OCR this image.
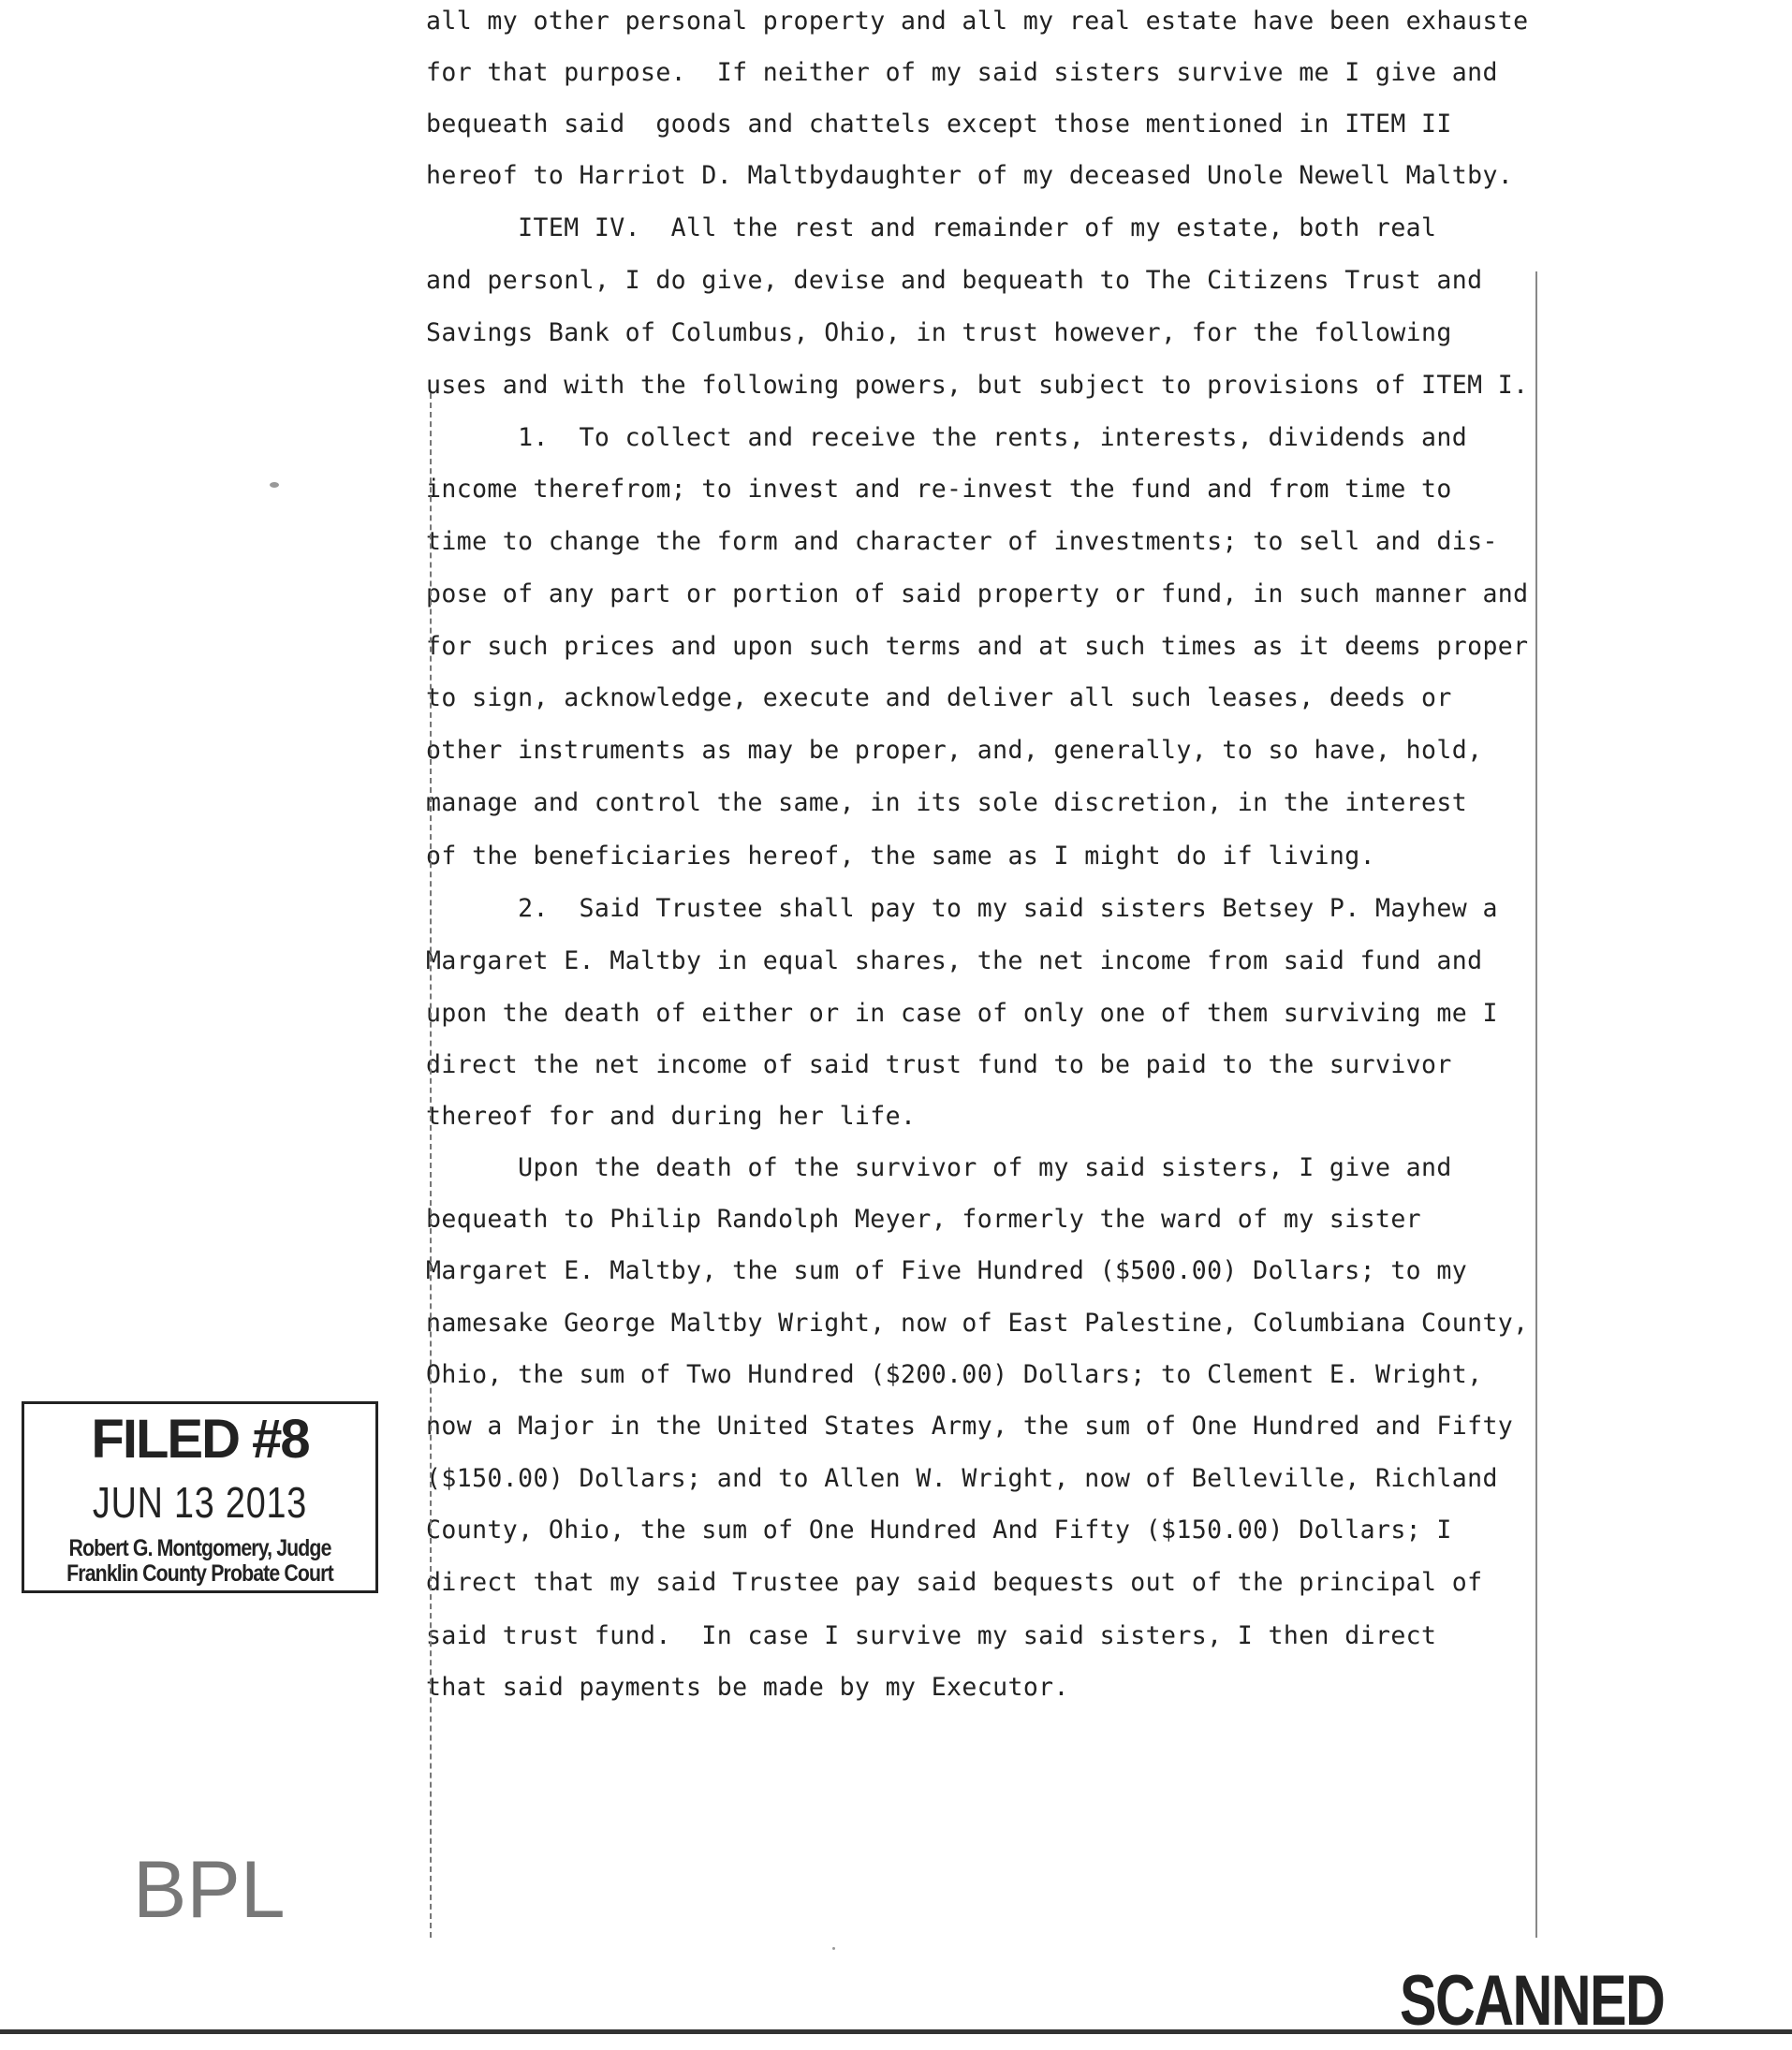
all my other personal property and all my real estate have been exhauste
for that purpose.  If neither of my said sisters survive me I give and
bequeath said  goods and chattels except those mentioned in ITEM II
hereof to Harriot D. Maltbydaughter of my deceased Unole Newell Maltby.
ITEM IV.  All the rest and remainder of my estate, both real
and personl, I do give, devise and bequeath to The Citizens Trust and
Savings Bank of Columbus, Ohio, in trust however, for the following
uses and with the following powers, but subject to provisions of ITEM I.
1.  To collect and receive the rents, interests, dividends and
income therefrom; to invest and re-invest the fund and from time to
time to change the form and character of investments; to sell and dis-
pose of any part or portion of said property or fund, in such manner and
for such prices and upon such terms and at such times as it deems proper
to sign, acknowledge, execute and deliver all such leases, deeds or
other instruments as may be proper, and, generally, to so have, hold,
manage and control the same, in its sole discretion, in the interest
of the beneficiaries hereof, the same as I might do if living.
2.  Said Trustee shall pay to my said sisters Betsey P. Mayhew a
Margaret E. Maltby in equal shares, the net income from said fund and
upon the death of either or in case of only one of them surviving me I
direct the net income of said trust fund to be paid to the survivor
thereof for and during her life.
Upon the death of the survivor of my said sisters, I give and
bequeath to Philip Randolph Meyer, formerly the ward of my sister
Margaret E. Maltby, the sum of Five Hundred ($500.00) Dollars; to my
namesake George Maltby Wright, now of East Palestine, Columbiana County,
Ohio, the sum of Two Hundred ($200.00) Dollars; to Clement E. Wright,
now a Major in the United States Army, the sum of One Hundred and Fifty
($150.00) Dollars; and to Allen W. Wright, now of Belleville, Richland
County, Ohio, the sum of One Hundred And Fifty ($150.00) Dollars; I
direct that my said Trustee pay said bequests out of the principal of
said trust fund.  In case I survive my said sisters, I then direct
that said payments be made by my Executor.
FILED #8
JUN 13 2013
Robert G. Montgomery, Judge
Franklin County Probate Court
BPL
SCANNED
